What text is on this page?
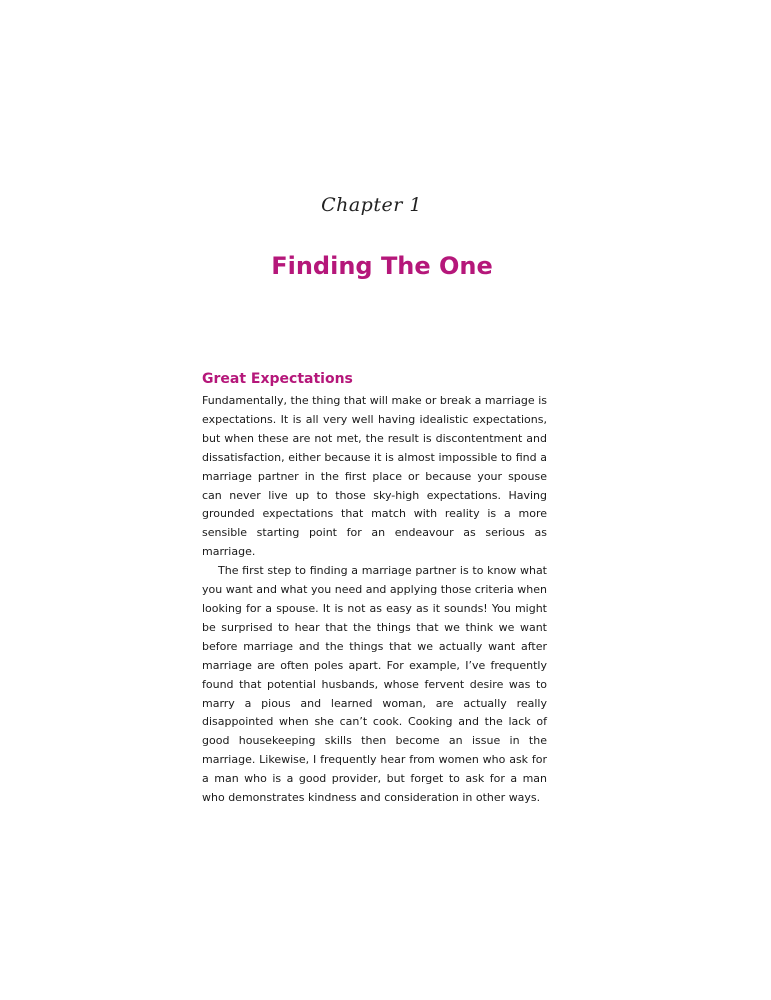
Chapter 1
Finding The One
Great Expectations

Fundamentally, the thing that will make or break a marriage is expectations. It is all very well having idealistic expectations, but when these are not met, the result is discontentment and dissatisfaction, either because it is almost impossible to find a marriage partner in the first place or because your spouse can never live up to those sky-high expectations. Having grounded expectations that match with reality is a more sensible starting point for an endeavour as serious as marriage.

The first step to finding a marriage partner is to know what you want and what you need and applying those criteria when looking for a spouse. It is not as easy as it sounds! You might be surprised to hear that the things that we think we want before marriage and the things that we actually want after marriage are often poles apart. For example, I’ve frequently found that potential husbands, whose fervent desire was to marry a pious and learned woman, are actually really disappointed when she can’t cook. Cooking and the lack of good housekeeping skills then become an issue in the marriage. Likewise, I frequently hear from women who ask for a man who is a good provider, but forget to ask for a man who demonstrates kindness and consideration in other ways.
